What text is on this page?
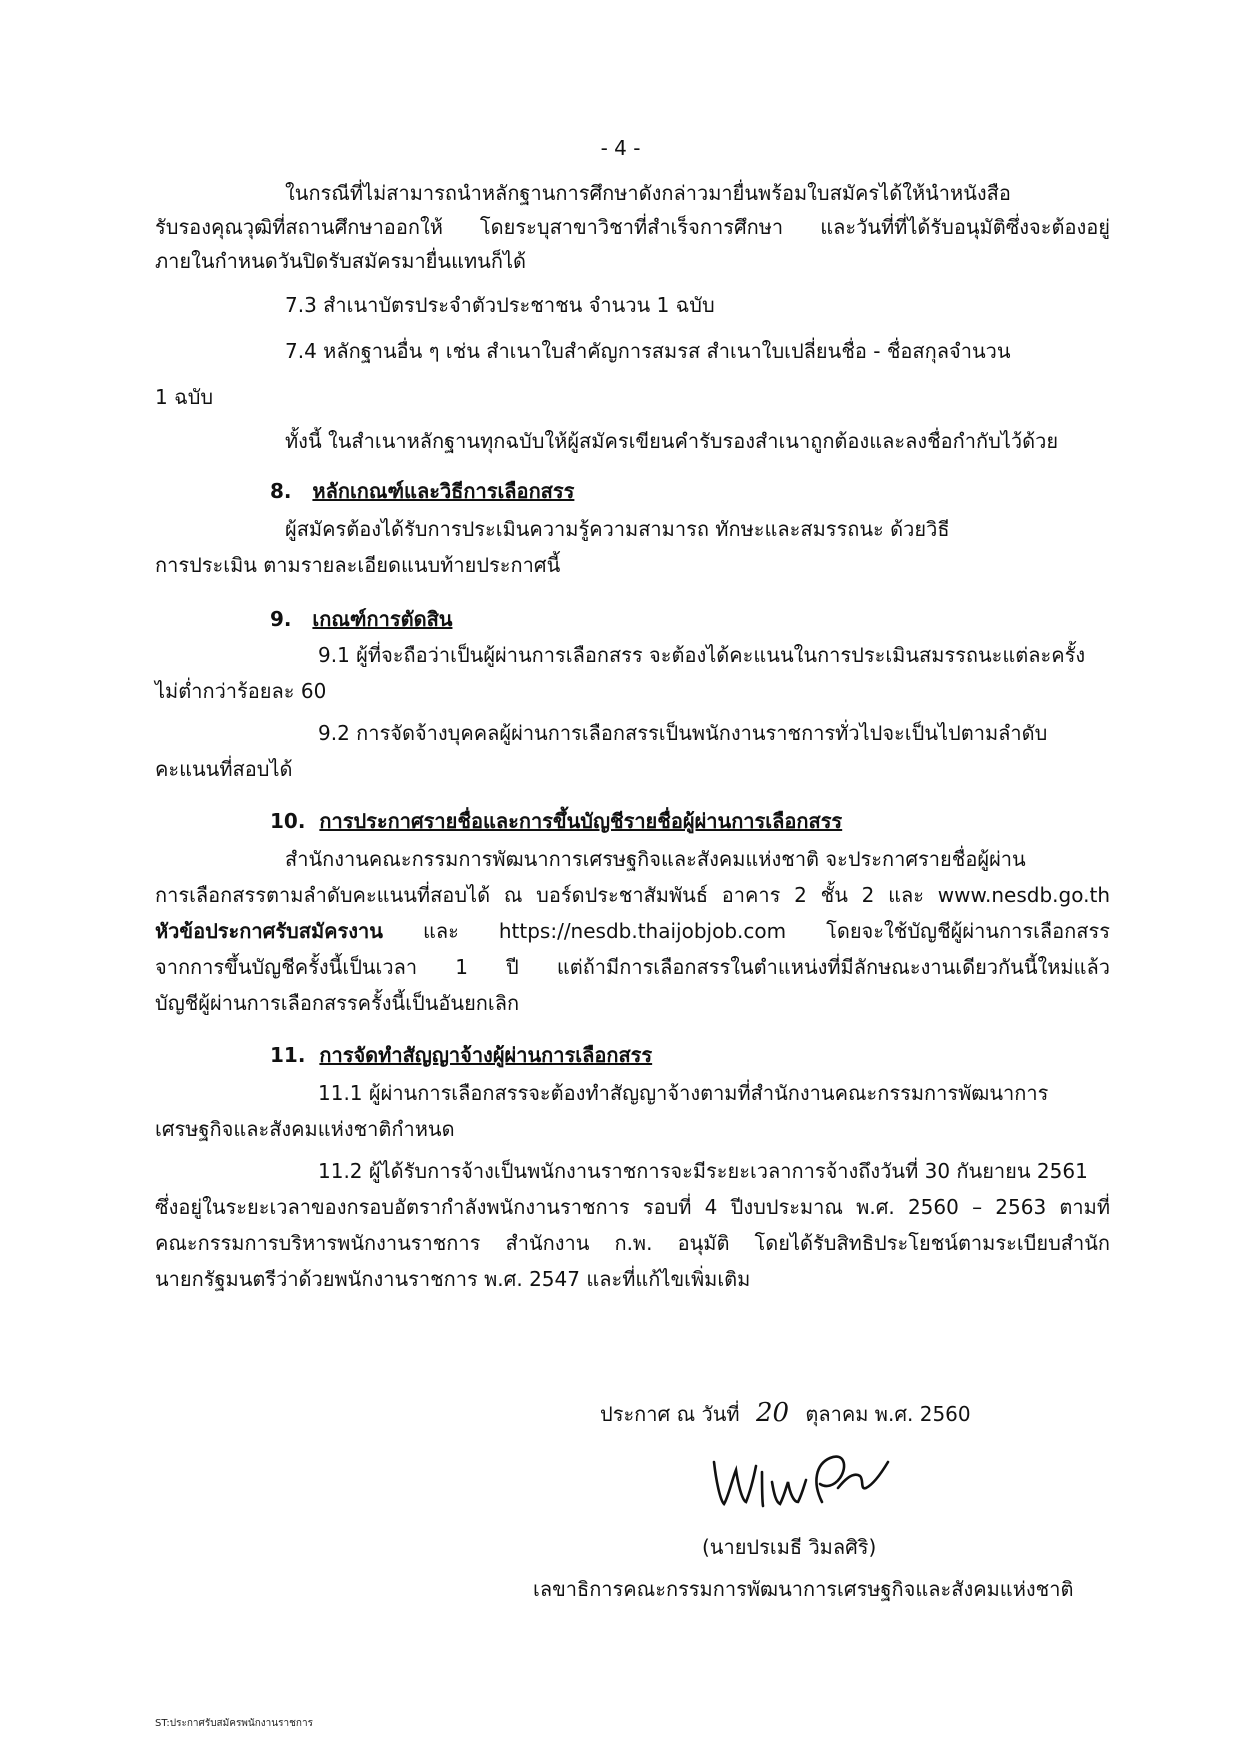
- 4 -
ในกรณีที่ไม่สามารถนำหลักฐานการศึกษาดังกล่าวมายื่นพร้อมใบสมัครได้ให้นำหนังสือ
รับรองคุณวุฒิที่สถานศึกษาออกให้ โดยระบุสาขาวิชาที่สำเร็จการศึกษา และวันที่ที่ได้รับอนุมัติซึ่งจะต้องอยู่
ภายในกำหนดวันปิดรับสมัครมายื่นแทนก็ได้
7.3 สำเนาบัตรประจำตัวประชาชน จำนวน 1 ฉบับ
7.4 หลักฐานอื่น ๆ เช่น สำเนาใบสำคัญการสมรส สำเนาใบเปลี่ยนชื่อ - ชื่อสกุลจำนวน
1 ฉบับ
ทั้งนี้ ในสำเนาหลักฐานทุกฉบับให้ผู้สมัครเขียนคำรับรองสำเนาถูกต้องและลงชื่อกำกับไว้ด้วย
8. หลักเกณฑ์และวิธีการเลือกสรร
ผู้สมัครต้องได้รับการประเมินความรู้ความสามารถ ทักษะและสมรรถนะ ด้วยวิธี
การประเมิน ตามรายละเอียดแนบท้ายประกาศนี้
9. เกณฑ์การตัดสิน
9.1 ผู้ที่จะถือว่าเป็นผู้ผ่านการเลือกสรร จะต้องได้คะแนนในการประเมินสมรรถนะแต่ละครั้ง
ไม่ต่ำกว่าร้อยละ 60
9.2 การจัดจ้างบุคคลผู้ผ่านการเลือกสรรเป็นพนักงานราชการทั่วไปจะเป็นไปตามลำดับ
คะแนนที่สอบได้
10. การประกาศรายชื่อและการขึ้นบัญชีรายชื่อผู้ผ่านการเลือกสรร
สำนักงานคณะกรรมการพัฒนาการเศรษฐกิจและสังคมแห่งชาติ จะประกาศรายชื่อผู้ผ่าน
การเลือกสรรตามลำดับคะแนนที่สอบได้ ณ บอร์ดประชาสัมพันธ์ อาคาร 2 ชั้น 2 และ www.nesdb.go.th
หัวข้อประกาศรับสมัครงาน และ https://nesdb.thaijobjob.com โดยจะใช้บัญชีผู้ผ่านการเลือกสรร
จากการขึ้นบัญชีครั้งนี้เป็นเวลา 1 ปี แต่ถ้ามีการเลือกสรรในตำแหน่งที่มีลักษณะงานเดียวกันนี้ใหม่แล้ว
บัญชีผู้ผ่านการเลือกสรรครั้งนี้เป็นอันยกเลิก
11. การจัดทำสัญญาจ้างผู้ผ่านการเลือกสรร
11.1 ผู้ผ่านการเลือกสรรจะต้องทำสัญญาจ้างตามที่สำนักงานคณะกรรมการพัฒนาการ
เศรษฐกิจและสังคมแห่งชาติกำหนด
11.2 ผู้ได้รับการจ้างเป็นพนักงานราชการจะมีระยะเวลาการจ้างถึงวันที่ 30 กันยายน 2561
ซึ่งอยู่ในระยะเวลาของกรอบอัตรากำลังพนักงานราชการ รอบที่ 4 ปีงบประมาณ พ.ศ. 2560 – 2563 ตามที่
คณะกรรมการบริหารพนักงานราชการ สำนักงาน ก.พ. อนุมัติ โดยได้รับสิทธิประโยชน์ตามระเบียบสำนัก
นายกรัฐมนตรีว่าด้วยพนักงานราชการ พ.ศ. 2547 และที่แก้ไขเพิ่มเติม
ประกาศ ณ วันที่ 20 ตุลาคม พ.ศ. 2560
(นายปรเมธี วิมลศิริ)
เลขาธิการคณะกรรมการพัฒนาการเศรษฐกิจและสังคมแห่งชาติ
ST:ประกาศรับสมัครพนักงานราชการ
